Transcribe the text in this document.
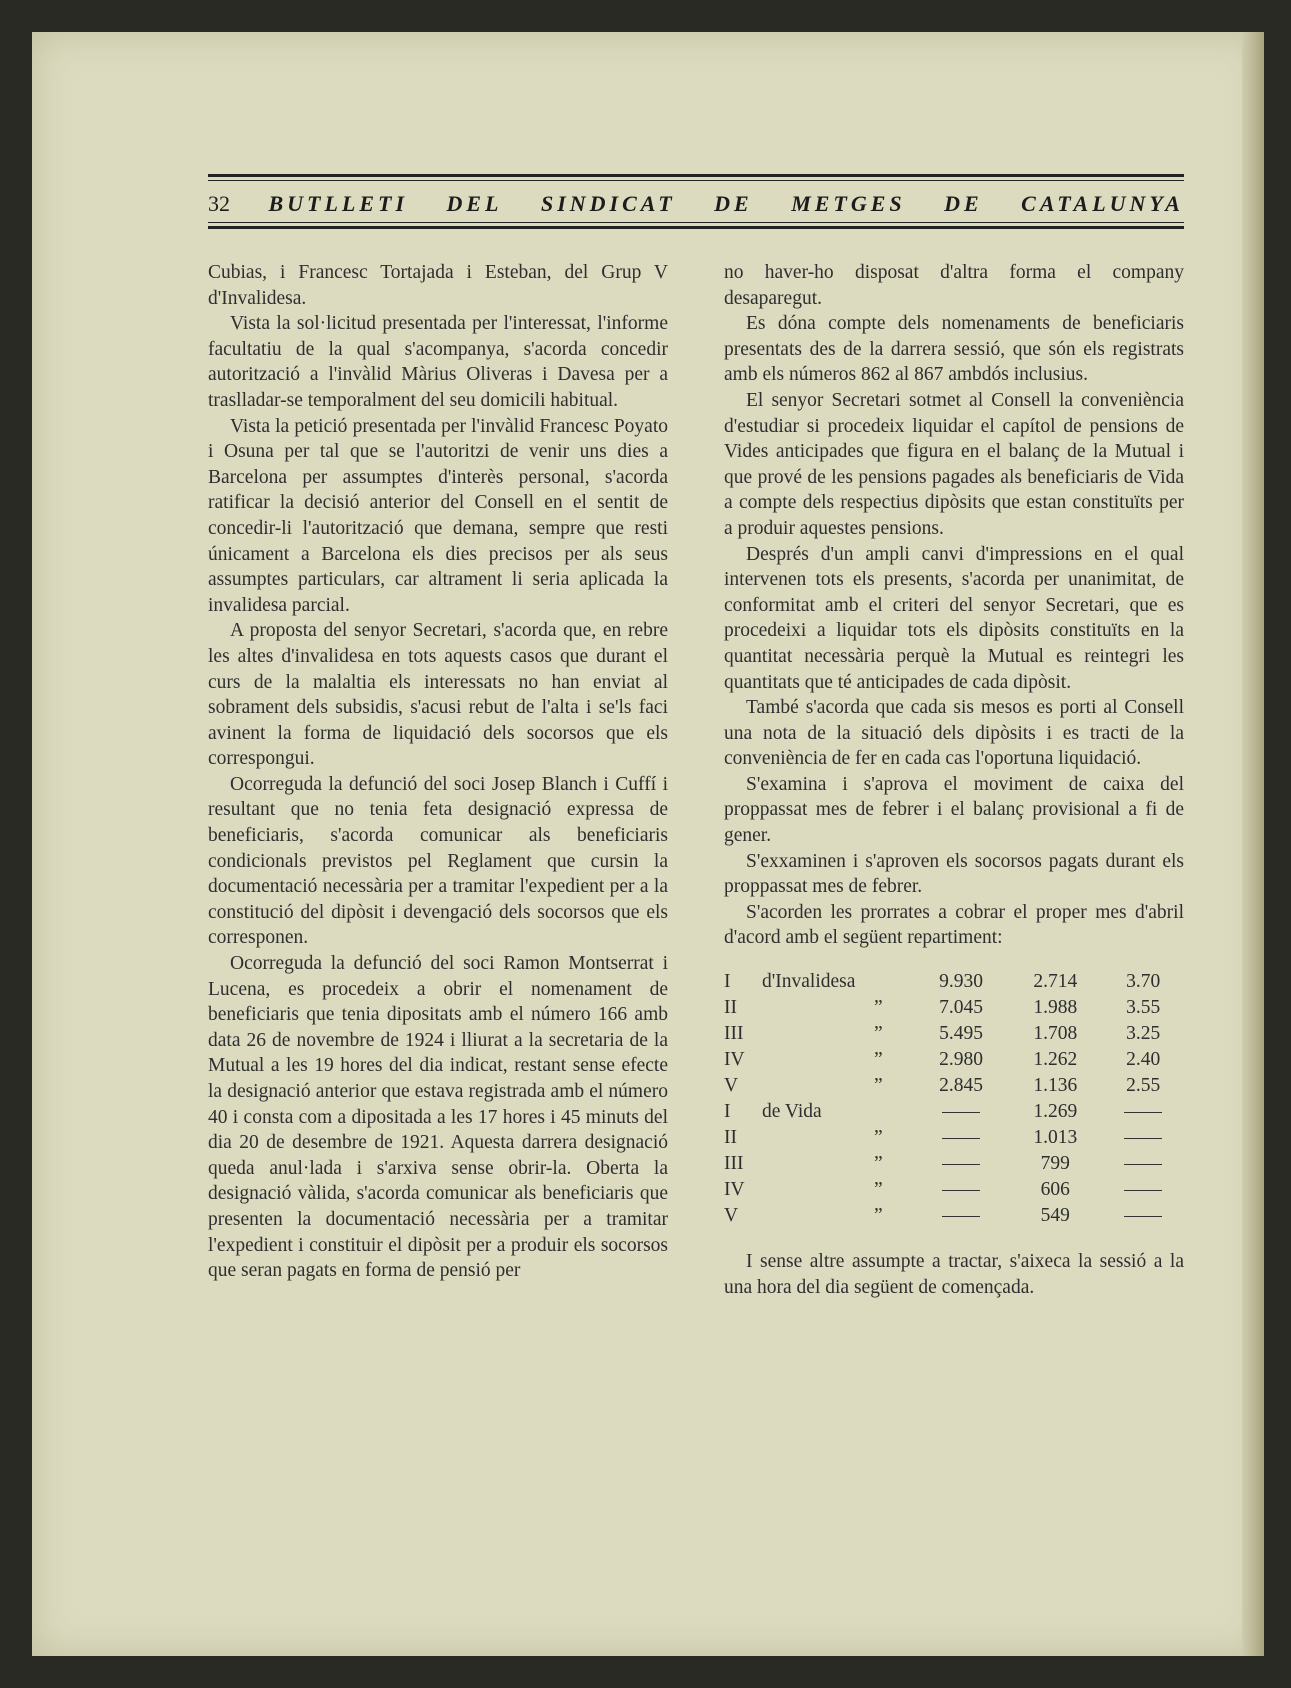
32 BUTLLETI DEL SINDICAT DE METGES DE CATALUNYA

Cubias, i Francesc Tortajada i Esteban, del Grup V d'Invalidesa.

Vista la sol·licitud presentada per l'interessat, l'informe facultatiu de la qual s'acompanya, s'acorda concedir autorització a l'invàlid Màrius Oliveras i Davesa per a traslladar-se temporalment del seu domicili habitual.

Vista la petició presentada per l'invàlid Francesc Poyato i Osuna per tal que se l'autoritzi de venir uns dies a Barcelona per assumptes d'interès personal, s'acorda ratificar la decisió anterior del Consell en el sentit de concedir-li l'autorització que demana, sempre que resti únicament a Barcelona els dies precisos per als seus assumptes particulars, car altrament li seria aplicada la invalidesa parcial.

A proposta del senyor Secretari, s'acorda que, en rebre les altes d'invalidesa en tots aquests casos que durant el curs de la malaltia els interessats no han enviat al sobrament dels subsidis, s'acusi rebut de l'alta i se'ls faci avinent la forma de liquidació dels socorsos que els correspongui.

Ocorreguda la defunció del soci Josep Blanch i Cuffí i resultant que no tenia feta designació expressa de beneficiaris, s'acorda comunicar als beneficiaris condicionals previstos pel Reglament que cursin la documentació necessària per a tramitar l'expedient per a la constitució del dipòsit i devengació dels socorsos que els corresponen.

Ocorreguda la defunció del soci Ramon Montserrat i Lucena, es procedeix a obrir el nomenament de beneficiaris que tenia dipositats amb el número 166 amb data 26 de novembre de 1924 i lliurat a la secretaria de la Mutual a les 19 hores del dia indicat, restant sense efecte la designació anterior que estava registrada amb el número 40 i consta com a dipositada a les 17 hores i 45 minuts del dia 20 de desembre de 1921. Aquesta darrera designació queda anul·lada i s'arxiva sense obrir-la. Oberta la designació vàlida, s'acorda comunicar als beneficiaris que presenten la documentació necessària per a tramitar l'expedient i constituir el dipòsit per a produir els socorsos que seran pagats en forma de pensió per

no haver-ho disposat d'altra forma el company desaparegut.

Es dóna compte dels nomenaments de beneficiaris presentats des de la darrera sessió, que són els registrats amb els números 862 al 867 ambdós inclusius.

El senyor Secretari sotmet al Consell la conveniència d'estudiar si procedeix liquidar el capítol de pensions de Vides anticipades que figura en el balanç de la Mutual i que prové de les pensions pagades als beneficiaris de Vida a compte dels respectius dipòsits que estan constituïts per a produir aquestes pensions.

Després d'un ampli canvi d'impressions en el qual intervenen tots els presents, s'acorda per unanimitat, de conformitat amb el criteri del senyor Secretari, que es procedeixi a liquidar tots els dipòsits constituïts en la quantitat necessària perquè la Mutual es reintegri les quantitats que té anticipades de cada dipòsit.

També s'acorda que cada sis mesos es porti al Consell una nota de la situació dels dipòsits i es tracti de la conveniència de fer en cada cas l'oportuna liquidació.

S'examina i s'aprova el moviment de caixa del proppassat mes de febrer i el balanç provisional a fi de gener.

S'exxaminen i s'aproven els socorsos pagats durant els proppassat mes de febrer.

S'acorden les prorrates a cobrar el proper mes d'abril d'acord amb el següent repartiment:

I d'Invalidesa		9.930	2.714	3.70
II	”	7.045	1.988	3.55
III	”	5.495	1.708	3.25
IV	”	2.980	1.262	2.40
V	”	2.845	1.136	2.55
I de Vida			1.269	
II	”		1.013	
III	”		799	
IV	”		606	
V	”		549	

I sense altre assumpte a tractar, s'aixeca la sessió a la una hora del dia següent de començada.
